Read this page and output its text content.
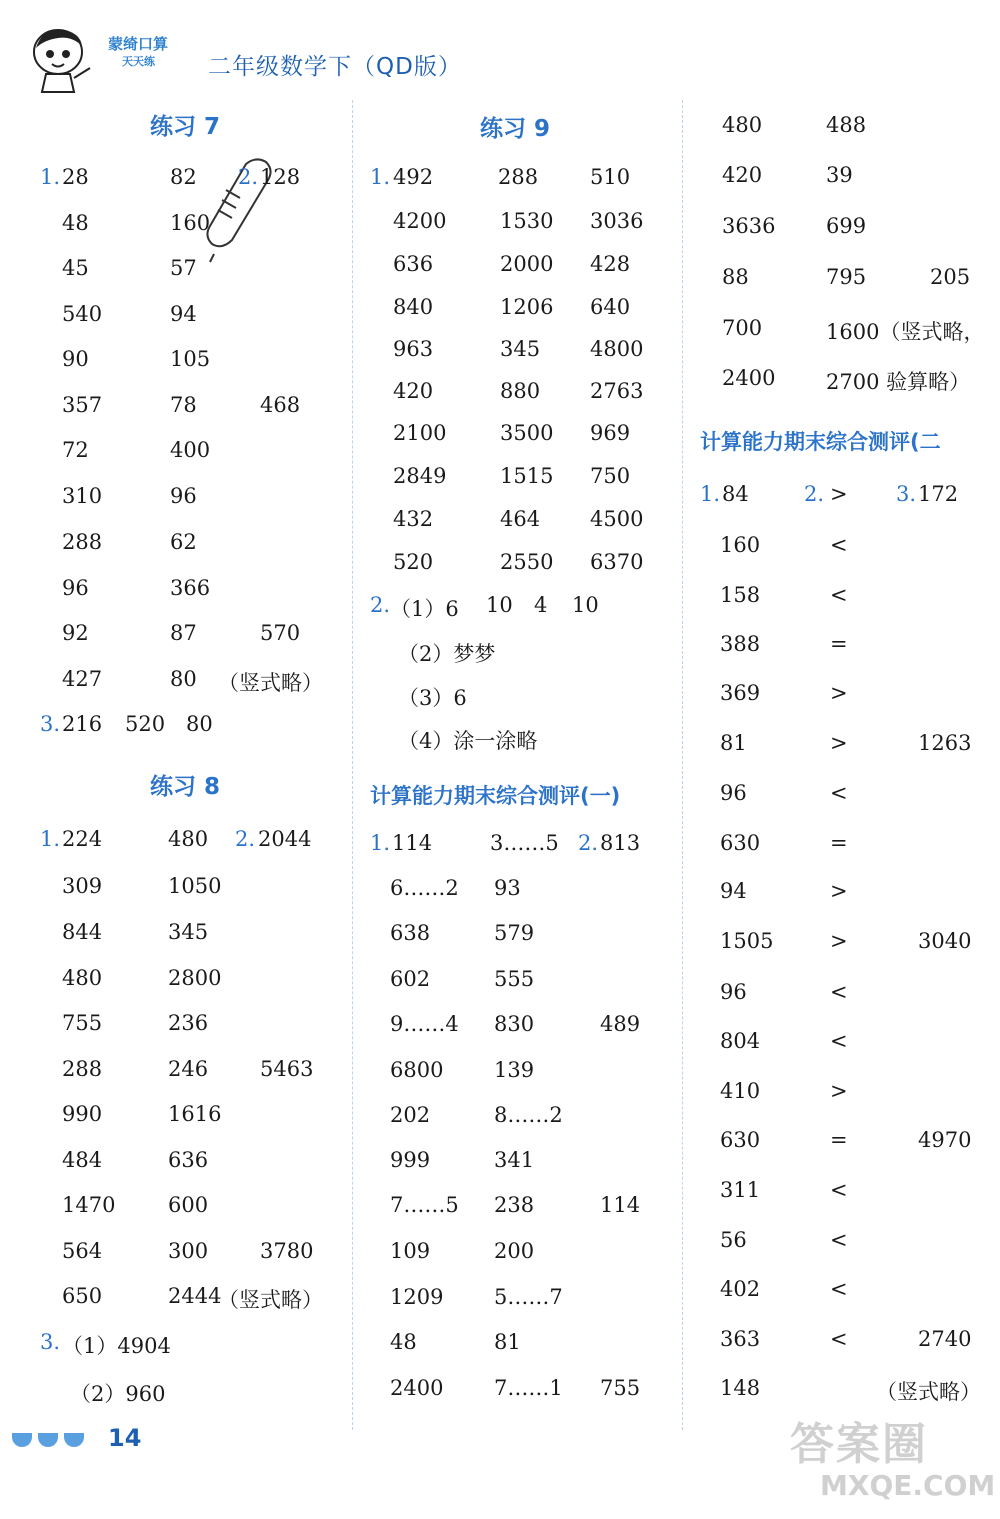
蒙绮口算
天天练	二年级数学下（QD版）
练习 7
1. 28	82 2. 128
48	160
45	57
540	94
90	105
357	78	468
72	400
310	96
288	62
96	366
92	87	570
427	80 （竖式略）
3. 216 520 80
练习 8
1. 224	480 2. 2044
309	1050
844	345
480	2800
755	236
288	246 5463
990	1616
484	636
1470	600
564	300 3780
650	2444
（竖式略）
3. （1）4904
（2）960
练习 9
1. 492	288 510
4200	1530 3036
636	2000 428
840	1206 640
963	345 4800
420	880 2763
2100	3500 969
2849	1515 750
432	464 4500
520	2550 6370
2. （1）6 10 4 10
（2）梦梦
（3）6
（4）涂一涂略
计算能力期末综合测评(一)
1. 114	3……5 2. 813
6……2 93
638	579
602	555
9……4 830	489
6800 139
202	8……2
999	341
7……5 238	114
109	200
1209 5……7
48	81
2400 7……1 755
480	488
420	39
3636 699
88	795	205
700	1600（竖式略，
2400 2700 验算略）
计算能力期末综合测评(二
1. 84	2. > 3. 172
160	<
158	<
388	=
369	>
81	>	1263
96	<
630	=
94	>
1505	>	3040
96	<
804	<
410	>
630	=	4970
311	<
56	<
402	<
363	<	2740
148	（竖式略）
14	答案圈
MXQE.COM
